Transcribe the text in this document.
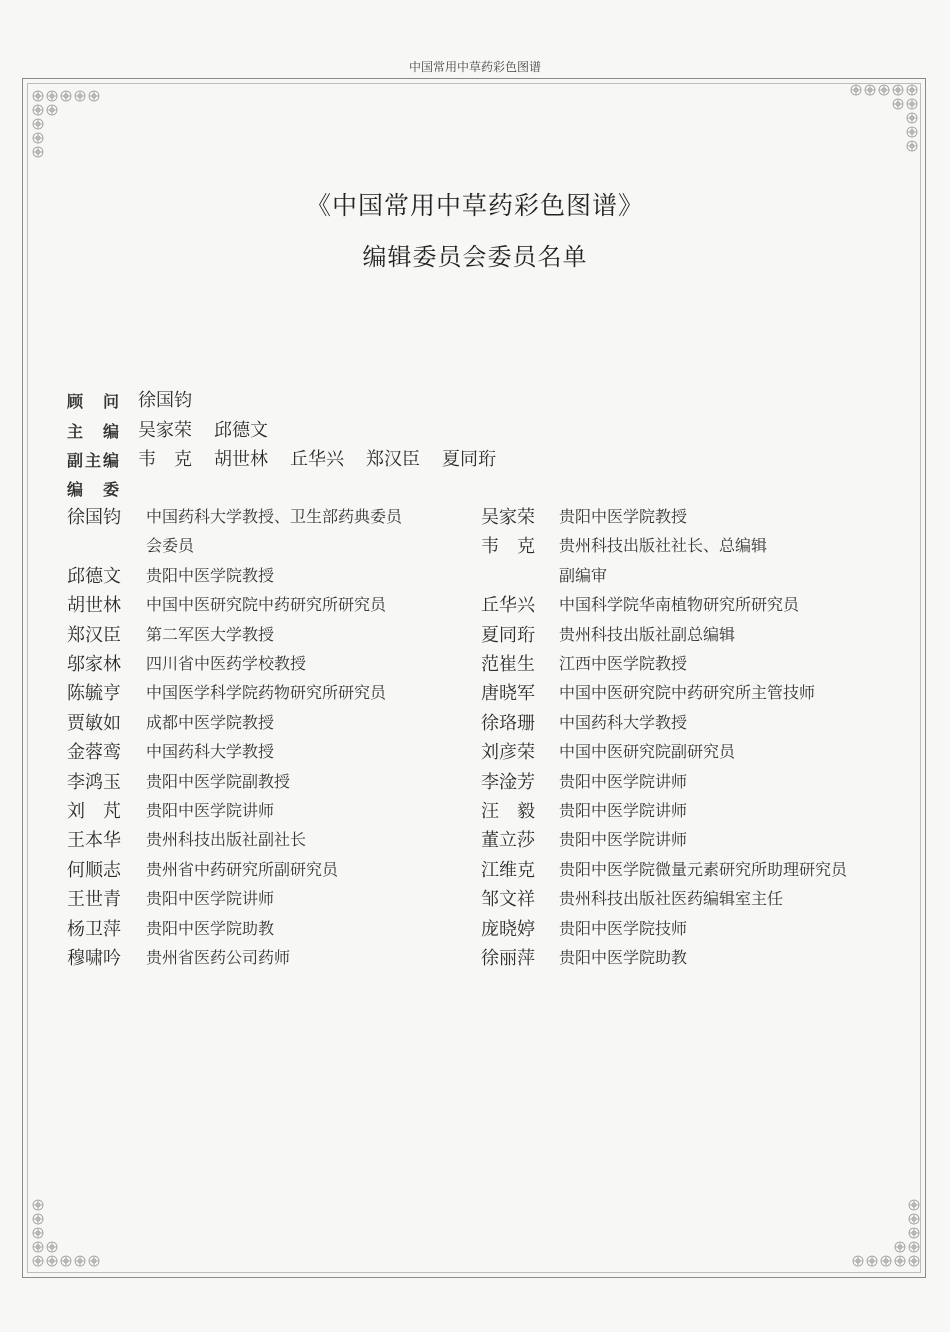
中国常用中草药彩色图谱
《中国常用中草药彩色图谱》
编辑委员会委员名单
顾　问 徐国钧
主　编 吴家荣 邱德文
副主编 韦　克 胡世林 丘华兴 郑汉臣 夏同珩
编　委
徐国钧 中国药科大学教授、卫生部药典委员
会委员
邱德文 贵阳中医学院教授
胡世林 中国中医研究院中药研究所研究员
郑汉臣 第二军医大学教授
邬家林 四川省中医药学校教授
陈毓亨 中国医学科学院药物研究所研究员
贾敏如 成都中医学院教授
金蓉鸾 中国药科大学教授
李鸿玉 贵阳中医学院副教授
刘　芃 贵阳中医学院讲师
王本华 贵州科技出版社副社长
何顺志 贵州省中药研究所副研究员
王世青 贵阳中医学院讲师
杨卫萍 贵阳中医学院助教
穆啸吟 贵州省医药公司药师
吴家荣 贵阳中医学院教授
韦　克 贵州科技出版社社长、总编辑
副编审
丘华兴 中国科学院华南植物研究所研究员
夏同珩 贵州科技出版社副总编辑
范崔生 江西中医学院教授
唐晓军 中国中医研究院中药研究所主管技师
徐珞珊 中国药科大学教授
刘彦荣 中国中医研究院副研究员
李淦芳 贵阳中医学院讲师
汪　毅 贵阳中医学院讲师
董立莎 贵阳中医学院讲师
江维克 贵阳中医学院微量元素研究所助理研究员
邹文祥 贵州科技出版社医药编辑室主任
庞晓婷 贵阳中医学院技师
徐丽萍 贵阳中医学院助教
